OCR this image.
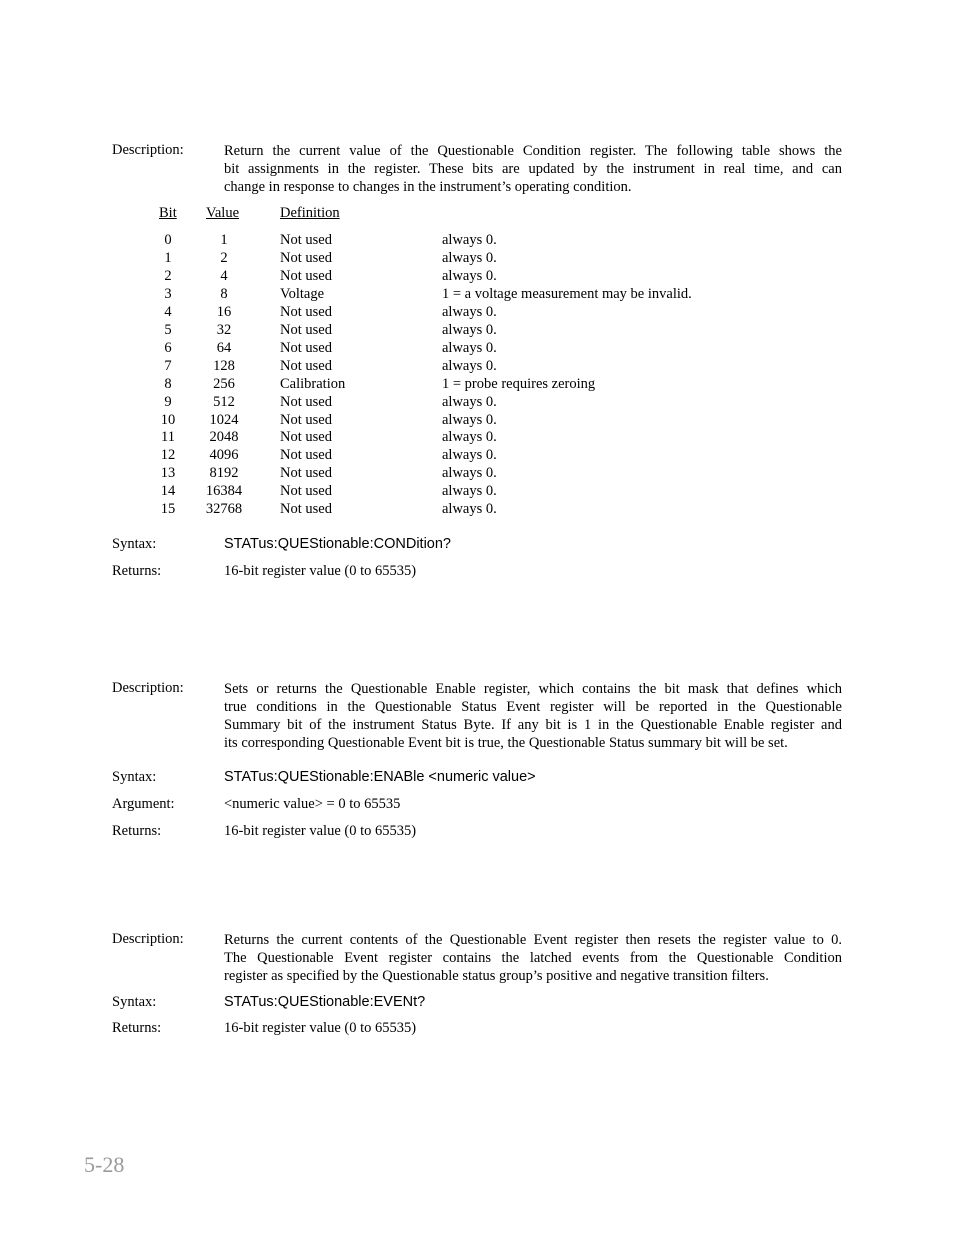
Description:	Return the current value of the Questionable Condition register. The following table shows the
bit assignments in the register. These bits are updated by the instrument in real time, and can
change in response to changes in the instrument’s operating condition.
Bit Value	Definition
0	1	Not used	always 0.
1	2	Not used	always 0.
2	4	Not used	always 0.
3	8	Voltage	1 = a voltage measurement may be invalid.
4	16	Not used	always 0.
5	32	Not used	always 0.
6	64	Not used	always 0.
7	128	Not used	always 0.
8	256	Calibration	1 = probe requires zeroing
9	512	Not used	always 0.
10	1024	Not used	always 0.
11	2048	Not used	always 0.
12	4096	Not used	always 0.
13	8192	Not used	always 0.
14	16384	Not used	always 0.
15	32768	Not used	always 0.
Syntax:	STATus:QUEStionable:CONDition?
Returns:	16-bit register value (0 to 65535)
Description:	Sets or returns the Questionable Enable register, which contains the bit mask that defines which
true conditions in the Questionable Status Event register will be reported in the Questionable
Summary bit of the instrument Status Byte. If any bit is 1 in the Questionable Enable register and
its corresponding Questionable Event bit is true, the Questionable Status summary bit will be set.
Syntax:	STATus:QUEStionable:ENABle <numeric value>
Argument:	<numeric value> = 0 to 65535
Returns:	16-bit register value (0 to 65535)
Description:	Returns the current contents of the Questionable Event register then resets the register value to 0.
The Questionable Event register contains the latched events from the Questionable Condition
register as specified by the Questionable status group’s positive and negative transition filters.
Syntax:	STATus:QUEStionable:EVENt?
Returns:	16-bit register value (0 to 65535)
5-28
